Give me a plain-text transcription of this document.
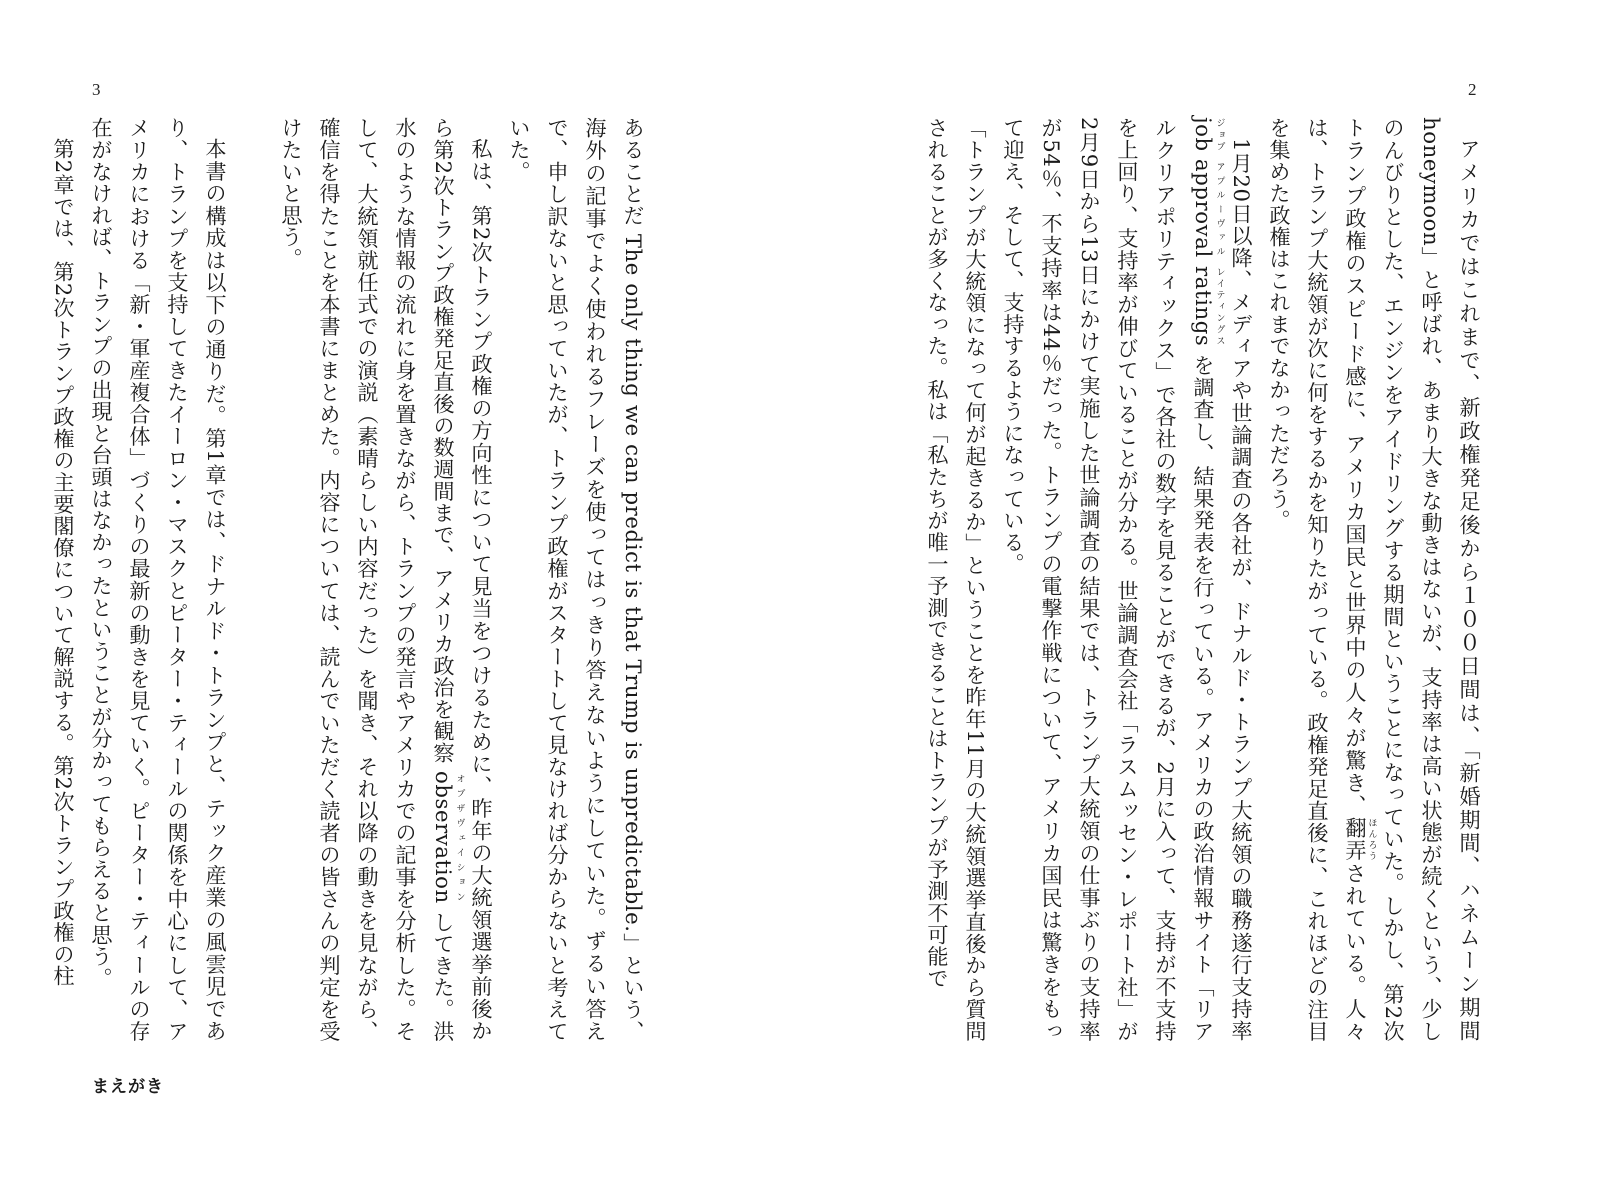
3

あることだ The only thing we can predict is that Trump is unpredictable.」という、海外の記事でよく使われるフレーズを使ってはっきり答えないようにしていた。ずるい答えで、申し訳ないと思っていたが、トランプ政権がスタートして見なければ分からないと考えていた。

私は、第2次トランプ政権の方向性について見当をつけるために、昨年の大統領選挙前後から第2次トランプ政権発足直後の数週間まで、アメリカ政治を観察 observationオブザヴェイション してきた。洪水のような情報の流れに身を置きながら、トランプの発言やアメリカでの記事を分析した。そして、大統領就任式での演説（素晴らしい内容だった）を聞き、それ以降の動きを見ながら、確信を得たことを本書にまとめた。内容については、読んでいただく読者の皆さんの判定を受けたいと思う。

本書の構成は以下の通りだ。第1章では、ドナルド・トランプと、テック産業の風雲児であり、トランプを支持してきたイーロン・マスクとピーター・ティールの関係を中心にして、アメリカにおける「新・軍産複合体」づくりの最新の動きを見ていく。ピーター・ティールの存在がなければ、トランプの出現と台頭はなかったということが分かってもらえると思う。

第2章では、第2次トランプ政権の主要閣僚について解説する。第2次トランプ政権の柱

まえがき
2

アメリカではこれまで、新政権発足後から１００日間は、「新婚期間、ハネムーン期間 honeymoon」と呼ばれ、あまり大きな動きはないが、支持率は高い状態が続くという、少しのんびりとした、エンジンをアイドリングする期間ということになっていた。しかし、第2次トランプ政権のスピード感に、アメリカ国民と世界中の人々が驚き、翻弄ほんろうされている。人々は、トランプ大統領が次に何をするかを知りたがっている。政権発足直後に、これほどの注目を集めた政権はこれまでなかっただろう。

1月20日以降、メディアや世論調査の各社が、ドナルド・トランプ大統領の職務遂行支持率 jobジョブ approvalアプルーヴァル ratingsレイティングス を調査し、結果発表を行っている。アメリカの政治情報サイト「リアルクリアポリティックス」で各社の数字を見ることができるが、2月に入って、支持が不支持を上回り、支持率が伸びていることが分かる。世論調査会社「ラスムッセン・レポート社」が2月9日から13日にかけて実施した世論調査の結果では、トランプ大統領の仕事ぶりの支持率が54％、不支持率は44％だった。トランプの電撃作戦について、アメリカ国民は驚きをもって迎え、そして、支持するようになっている。

「トランプが大統領になって何が起きるか」ということを昨年11月の大統領選挙直後から質問されることが多くなった。私は「私たちが唯一予測できることはトランプが予測不可能で
